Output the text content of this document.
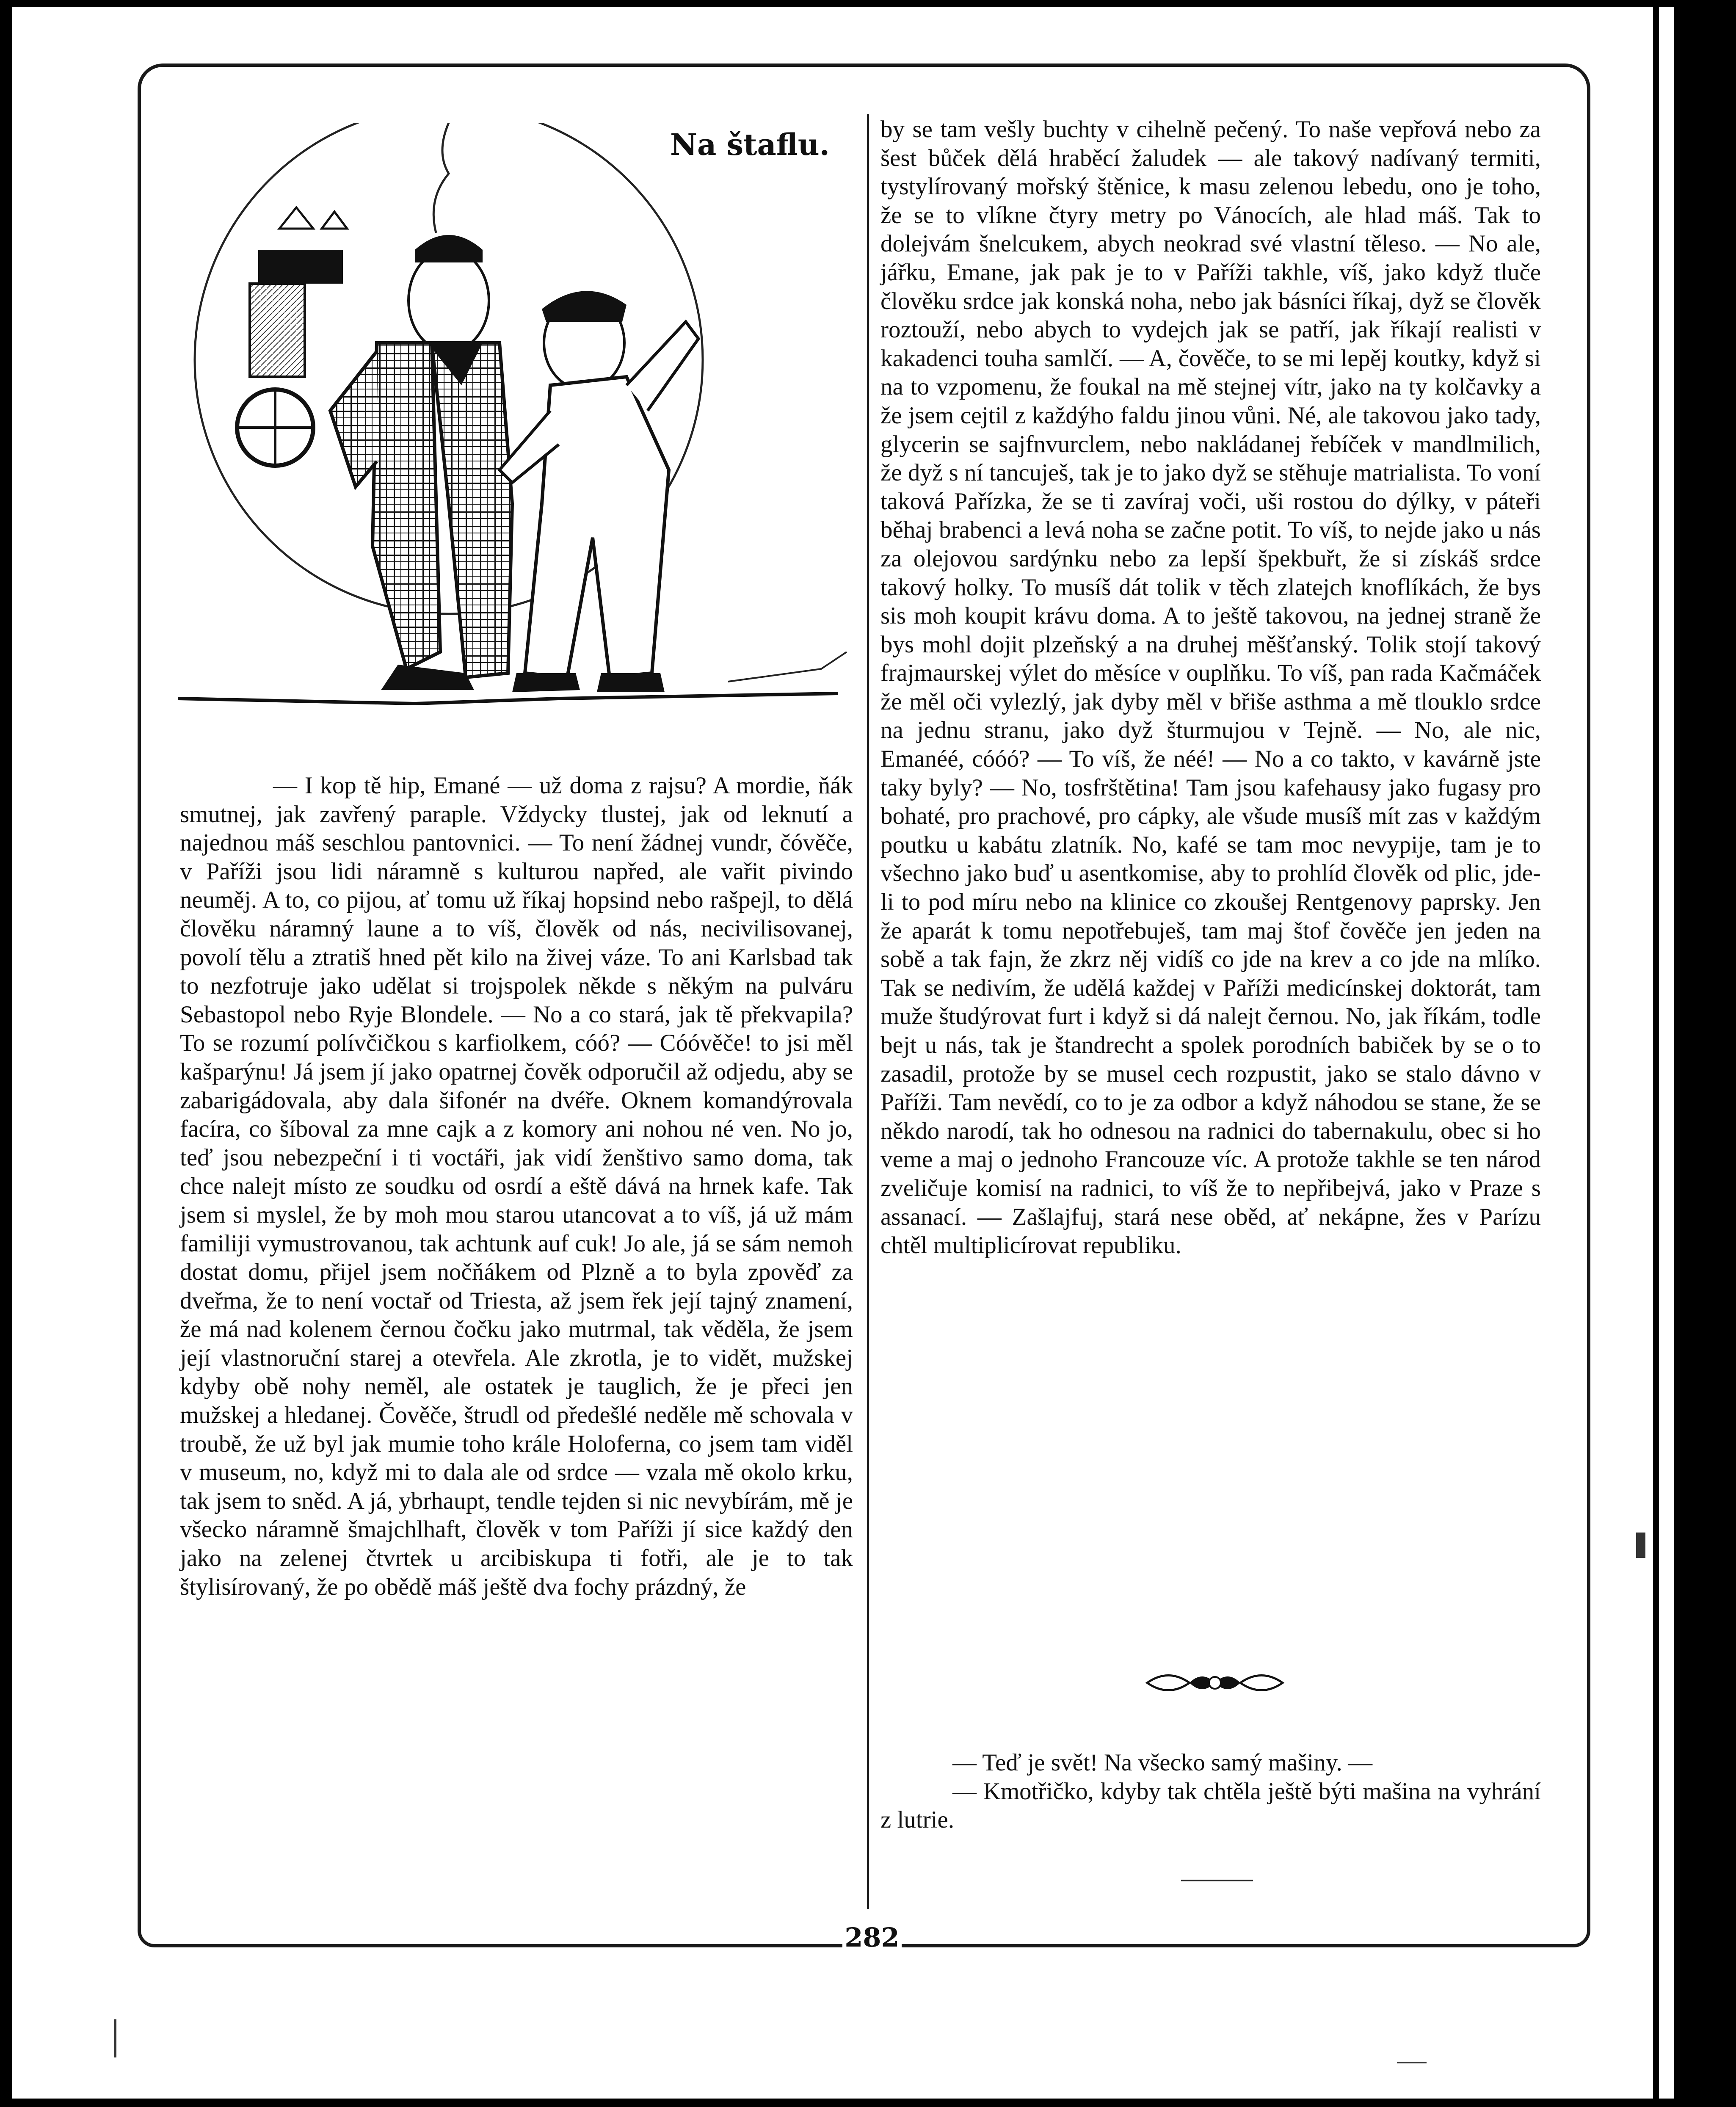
Na štaflu.

— I kop tě hip, Emané — už doma z rajsu? A mordie, ňák smutnej, jak zavřený paraple. Vždycky tlustej, jak od leknutí a najednou máš seschlou pantovnici. — To není žádnej vundr, čóvěče, v Paříži jsou lidi náramně s kulturou napřed, ale vařit pivindo neuměj. A to, co pijou, ať tomu už říkaj hopsind nebo rašpejl, to dělá člověku náramný laune a to víš, člověk od nás, necivilisovanej, povolí tělu a ztratiš hned pět kilo na živej váze. To ani Karlsbad tak to nezfotruje jako udělat si trojspolek někde s někým na pulváru Sebastopol nebo Ryje Blondele. — No a co stará, jak tě překvapila? To se rozumí polívčičkou s karfiolkem, cóó? — Cóóvěče! to jsi měl kašparýnu! Já jsem jí jako opatrnej čověk odporučil až odjedu, aby se zabarigádovala, aby dala šifonér na dvéře. Oknem komandýrovala facíra, co šíboval za mne cajk a z komory ani nohou né ven. No jo, teď jsou nebezpeční i ti voctáři, jak vidí ženštivo samo doma, tak chce nalejt místo ze soudku od osrdí a eště dává na hrnek kafe. Tak jsem si myslel, že by moh mou starou utancovat a to víš, já už mám familiji vymustrovanou, tak achtunk auf cuk! Jo ale, já se sám nemoh dostat domu, přijel jsem nočňákem od Plzně a to byla zpověď za dveřma, že to není voctař od Triesta, až jsem řek její tajný znamení, že má nad kolenem černou čočku jako mutrmal, tak věděla, že jsem její vlastnoruční starej a otevřela. Ale zkrotla, je to vidět, mužskej kdyby obě nohy neměl, ale ostatek je tauglich, že je přeci jen mužskej a hledanej. Čověče, štrudl od předešlé neděle mě schovala v troubě, že už byl jak mumie toho krále Holoferna, co jsem tam viděl v museum, no, když mi to dala ale od srdce — vzala mě okolo krku, tak jsem to sněd. A já, ybrhaupt, tendle tejden si nic nevybírám, mě je všecko náramně šmajchlhaft, člověk v tom Paříži jí sice každý den jako na zelenej čtvrtek u arcibiskupa ti fotři, ale je to tak štylisírovaný, že po obědě máš ještě dva fochy prázdný, že

by se tam vešly buchty v cihelně pečený. To naše vepřová nebo za šest bůček dělá hraběcí žaludek — ale takový nadívaný termiti, tystylírovaný mořský štěnice, k masu zelenou lebedu, ono je toho, že se to vlíkne čtyry metry po Vánocích, ale hlad máš. Tak to dolejvám šnelcukem, abych neokrad své vlastní těleso. — No ale, jářku, Emane, jak pak je to v Paříži takhle, víš, jako když tluče člověku srdce jak konská noha, nebo jak básníci říkaj, dyž se člověk roztouží, nebo abych to vydejch jak se patří, jak říkají realisti v kakadenci touha samlčí. — A, čověče, to se mi lepěj koutky, když si na to vzpomenu, že foukal na mě stejnej vítr, jako na ty kolčavky a že jsem cejtil z každýho faldu jinou vůni. Né, ale takovou jako tady, glycerin se sajfnvurclem, nebo nakládanej řebíček v mandlmilich, že dyž s ní tancuješ, tak je to jako dyž se stěhuje matrialista. To voní taková Pařízka, že se ti zavíraj voči, uši rostou do dýlky, v páteři běhaj brabenci a levá noha se začne potit. To víš, to nejde jako u nás za olejovou sardýnku nebo za lepší špekbuřt, že si získáš srdce takový holky. To musíš dát tolik v těch zlatejch knoflíkách, že bys sis moh koupit krávu doma. A to ještě takovou, na jednej straně že bys mohl dojit plzeňský a na druhej měšťanský. Tolik stojí takový frajmaurskej výlet do měsíce v ouplňku. To víš, pan rada Kačmáček že měl oči vylezlý, jak dyby měl v břiše asthma a mě tlouklo srdce na jednu stranu, jako dyž šturmujou v Tejně. — No, ale nic, Emanéé, cóóó? — To víš, že néé! — No a co takto, v kavárně jste taky byly? — No, tosfrštětina! Tam jsou kafehausy jako fugasy pro bohaté, pro prachové, pro cápky, ale všude musíš mít zas v každým poutku u kabátu zlatník. No, kafé se tam moc nevypije, tam je to všechno jako buď u asentkomise, aby to prohlíd člověk od plic, jde-li to pod míru nebo na klinice co zkoušej Rentgenovy paprsky. Jen že aparát k tomu nepotřebuješ, tam maj štof čověče jen jeden na sobě a tak fajn, že zkrz něj vidíš co jde na krev a co jde na mlíko. Tak se nedivím, že udělá každej v Paříži medicínskej doktorát, tam muže študýrovat furt i když si dá nalejt černou. No, jak říkám, todle bejt u nás, tak je štandrecht a spolek porodních babiček by se o to zasadil, protože by se musel cech rozpustit, jako se stalo dávno v Paříži. Tam nevědí, co to je za odbor a když náhodou se stane, že se někdo narodí, tak ho odnesou na radnici do tabernakulu, obec si ho veme a maj o jednoho Francouze víc. A protože takhle se ten národ zveličuje komisí na radnici, to víš že to nepřibejvá, jako v Praze s assanací. — Zašlajfuj, stará nese oběd, ať nekápne, žes v Parízu chtěl multiplicírovat republiku.

— Teď je svět! Na všecko samý mašiny. —

— Kmotřičko, kdyby tak chtěla ještě býti mašina na vyhrání z lutrie.

282
